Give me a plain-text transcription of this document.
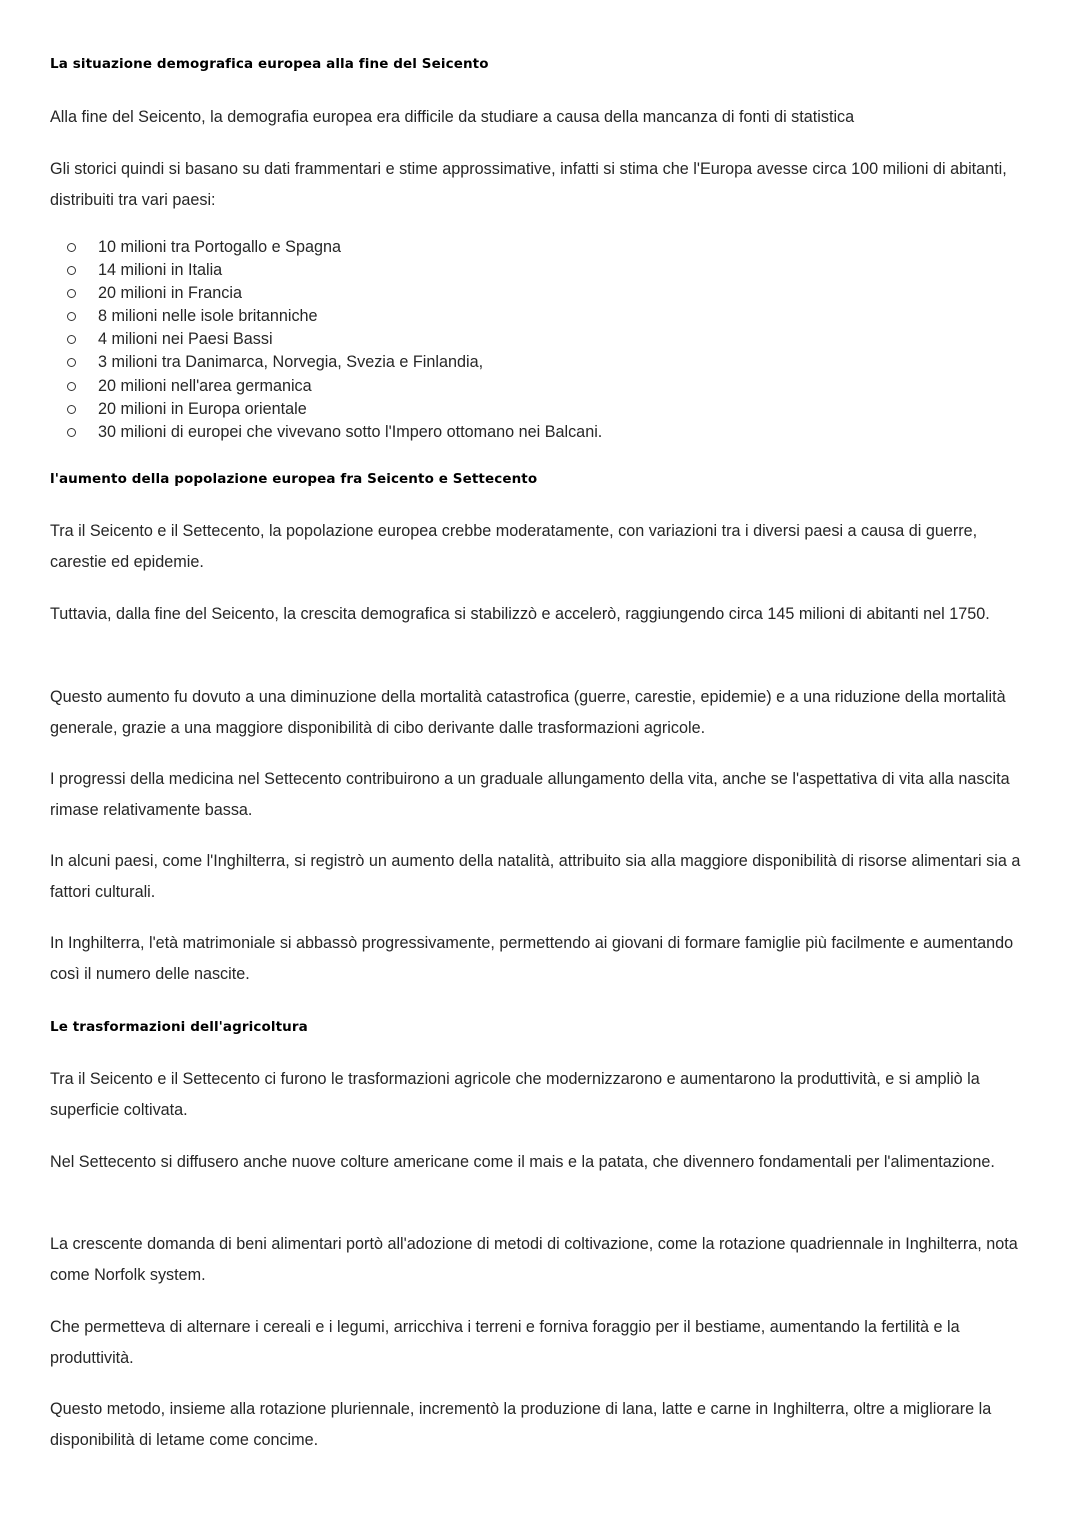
La situazione demografica europea alla fine del Seicento

Alla fine del Seicento, la demografia europea era difficile da studiare a causa della mancanza di fonti di statistica

Gli storici quindi si basano su dati frammentari e stime approssimative, infatti si stima che l'Europa avesse circa 100 milioni di abitanti, distribuiti tra vari paesi:

10 milioni tra Portogallo e Spagna
14 milioni in Italia
20 milioni in Francia
8 milioni nelle isole britanniche
4 milioni nei Paesi Bassi
3 milioni tra Danimarca, Norvegia, Svezia e Finlandia,
20 milioni nell'area germanica
20 milioni in Europa orientale
30 milioni di europei che vivevano sotto l'Impero ottomano nei Balcani.
l'aumento della popolazione europea fra Seicento e Settecento

Tra il Seicento e il Settecento, la popolazione europea crebbe moderatamente, con variazioni tra i diversi paesi a causa di guerre, carestie ed epidemie.

Tuttavia, dalla fine del Seicento, la crescita demografica si stabilizzò e accelerò, raggiungendo circa 145 milioni di abitanti nel 1750.

Questo aumento fu dovuto a una diminuzione della mortalità catastrofica (guerre, carestie, epidemie) e a una riduzione della mortalità generale, grazie a una maggiore disponibilità di cibo derivante dalle trasformazioni agricole.

I progressi della medicina nel Settecento contribuirono a un graduale allungamento della vita, anche se l'aspettativa di vita alla nascita rimase relativamente bassa.

In alcuni paesi, come l'Inghilterra, si registrò un aumento della natalità, attribuito sia alla maggiore disponibilità di risorse alimentari sia a fattori culturali.

In Inghilterra, l'età matrimoniale si abbassò progressivamente, permettendo ai giovani di formare famiglie più facilmente e aumentando così il numero delle nascite.

Le trasformazioni dell'agricoltura

Tra il Seicento e il Settecento ci furono le trasformazioni agricole che modernizzarono e aumentarono la produttività, e si ampliò la superficie coltivata.

Nel Settecento si diffusero anche nuove colture americane come il mais e la patata, che divennero fondamentali per l'alimentazione.

La crescente domanda di beni alimentari portò all'adozione di metodi di coltivazione, come la rotazione quadriennale in Inghilterra, nota come Norfolk system.

Che permetteva di alternare i cereali e i legumi, arricchiva i terreni e forniva foraggio per il bestiame, aumentando la fertilità e la produttività.

Questo metodo, insieme alla rotazione pluriennale, incrementò la produzione di lana, latte e carne in Inghilterra, oltre a migliorare la disponibilità di letame come concime.
